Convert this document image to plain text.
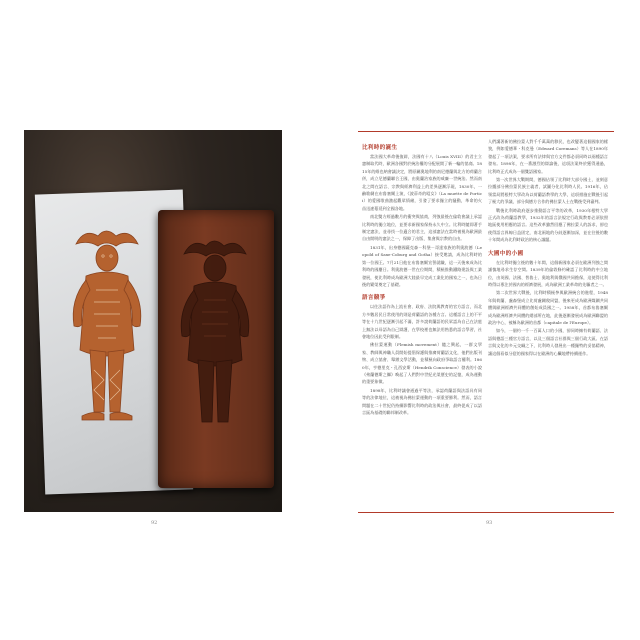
92
比利時的誕生

當法國大革命後復辟，法國有十八（Louis XVIII）的君主立憲制取代時，歐洲各國對於統治權的分配展開了新一輪的協商。1815年的維也納會議決定，將原屬奧地利的南尼德蘭與北方的荷蘭合併，成立尼德蘭聯合王國，由奧蘭治家族的威廉一世統治。然而南北之間在語言、宗教與經濟利益上的差異逐漸浮現，1830年，一齣歌劇在布魯塞爾上演，《波蒂奇的啞女》（La muette de Portici）的愛國歌曲激起觀眾情緒，引發了要求獨立的騷動，革命的火苗迅速蔓延到全國各地。

南北雙方經過數月的衝突與協商，列強最後在倫敦會議上承認比利時的獨立地位，並要求新國家保持永久中立。比利時隨即著手制定憲法，並尋找一位適合的君主，這部憲法在當時被視為歐洲最自由開明的憲法之一，保障了出版、集會與宗教的自由。

1831年，出身德國薩克森－科堡－哥達家族的利奧波德（Leopold of Saxe-Coburg and Gotha）接受邀請，成為比利時的第一位國王。7月21日他在布魯塞爾宣誓就職，這一天後來成為比利時的國慶日。利奧波德一世在位期間，積極推動鐵路建設與工業發展，使比利時成為歐洲大陸最早完成工業化的國家之一，也為日後的繁榮奠定了基礎。

語言競爭

以往法語作為上流社會、政府、法院與教育的官方語言，而北方多數居民日常使用的則是荷蘭語的各種方言。這種語言上的不平等在十九世紀逐漸引起不滿，許多說荷蘭語的民眾認為自己在法庭上無法以母語為自己辯護，在學校裡也無法用熟悉的語言學習，社會地位因此受到限制。

佛拉蒙運動（Flemish movement）隨之興起，一群文學家、教師與神職人員開始提倡保護與推廣荷蘭語文化，他們出版刊物、成立協會、舉辦文學活動，並積極向政府爭取語言權利。1860年，亨德里克・孔西安斯（Hendrik Conscience）發表的小說《弗蘭德斯之獅》喚起了人們對中世紀光榮歷史的記憶，成為運動的重要象徵。

1898年，比利時議會通過平等法，承認荷蘭語與法語具有同等的法律地位，這被視為佛拉蒙運動的一項重要勝利。然而，語言問題在二十世紀仍持續影響比利時的政治與社會，最終促成了以語言區為基礎的聯邦制改革。

人們講著新的佛拉蒙人對千千萬萬的移民，也改變著這個國家的樣貌，例如愛德華・科克曼（Edward Coremans）等人在1890年發起了一項法案，要求所有法律與官方文件都必須同時以兩種語言發布。1898年，在一番激烈的辯論後，這項法案終於獲得通過，比利時正式成為一個雙語國家。

第一次世界大戰期間，德國佔領了比利時大部分國土，並刻意拉攏部分佛拉蒙民族主義者，試圖分化比利時人民。1916年，佔領當局將根特大學改為以荷蘭語教學的大學，這項措施在戰後引起了極大的爭議，部分與德方合作的佛拉蒙人士在戰後受到審判。

戰後比利時政府逐步推動語言平等的改革，1930年根特大學正式改為荷蘭語教學，1932年的語言法規定行政與教育必須依照地區使用相應的語言。這些改革雖然回應了佛拉蒙人的訴求，卻也使得語言界線日益固定，南北兩地的分歧逐漸加深，並在往後的數十年間成為比利時政治的核心議題。

大國中的小國

在比利時獨立後的數十年間，這個新國家必須在歐洲列強之間謹慎地尋求生存空間。1839年的倫敦條約確認了比利時的中立地位，由英國、法國、普魯士、奧地利與俄國共同擔保，這使得比利時得以專注於國內的經濟發展，成為歐洲工業革命的先驅者之一。

第二次世界大戰後，比利時積極參與歐洲統合的進程，1948年與荷蘭、盧森堡成立比荷盧關稅同盟，後來更成為歐洲煤鋼共同體與歐洲經濟共同體的創始成員國之一。1958年，首都布魯塞爾成為歐洲經濟共同體的總部所在地，此後逐漸發展成為歐洲聯盟的政治中心，被稱為歐洲的首都（capitale de l'Europe）。

如今，一個約一千一百萬人口的小國，卻同時擁有荷蘭語、法語與德語三種官方語言，以及三個語言社群與三個行政大區。在語言與文化的多元交織之下，比利時人發展出一種獨特的妥協精神，讓這個看似分裂的國家得以在歐洲的心臟地帶持續運作。

93
